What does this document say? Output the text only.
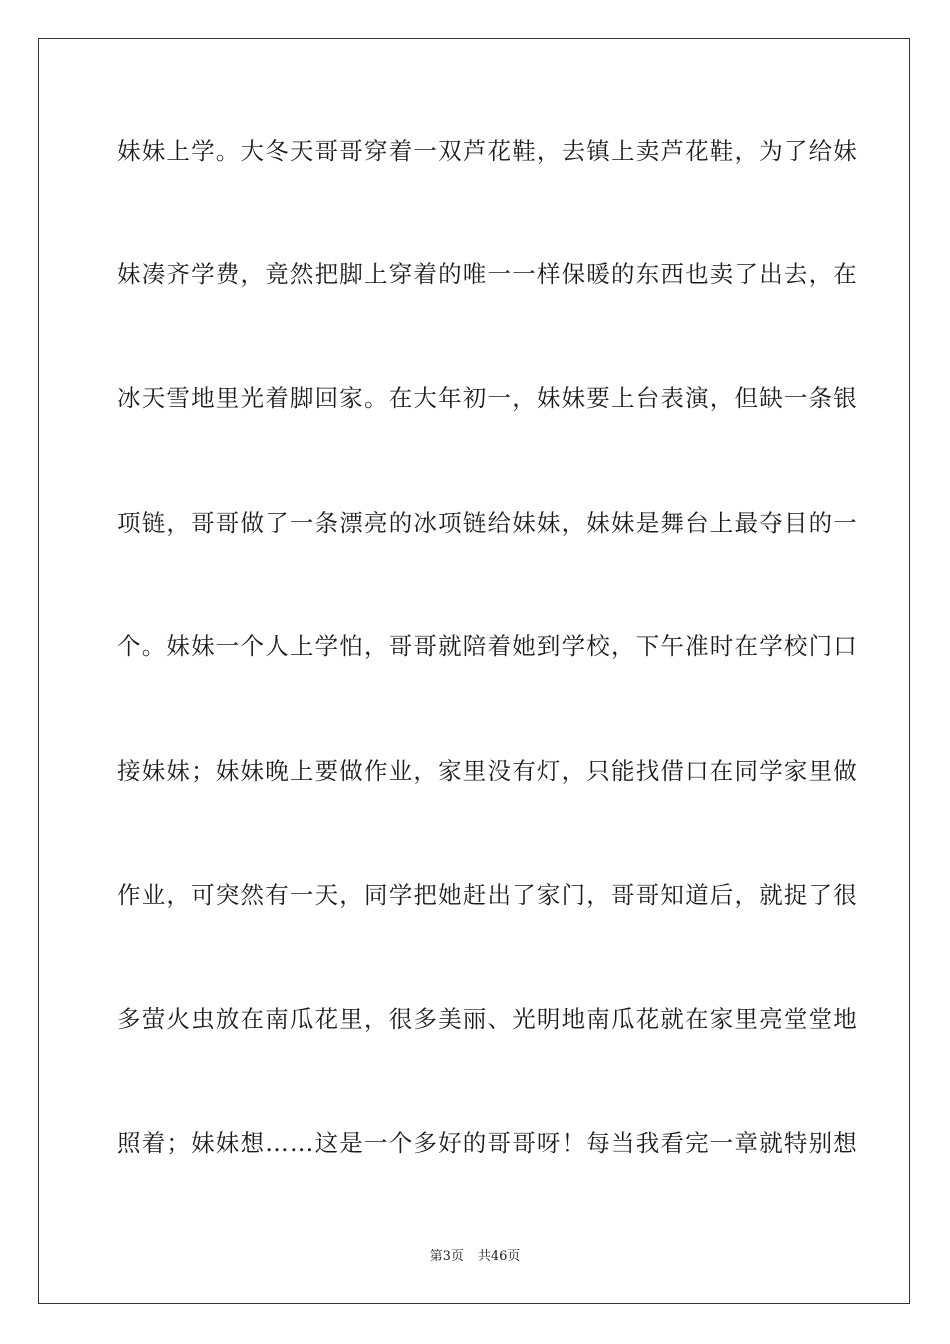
妹妹上学。大冬天哥哥穿着一双芦花鞋，去镇上卖芦花鞋，为了给妹

妹凑齐学费，竟然把脚上穿着的唯一一样保暖的东西也卖了出去，在

冰天雪地里光着脚回家。在大年初一，妹妹要上台表演，但缺一条银

项链，哥哥做了一条漂亮的冰项链给妹妹，妹妹是舞台上最夺目的一

个。妹妹一个人上学怕，哥哥就陪着她到学校，下午准时在学校门口

接妹妹；妹妹晚上要做作业，家里没有灯，只能找借口在同学家里做

作业，可突然有一天，同学把她赶出了家门，哥哥知道后，就捉了很

多萤火虫放在南瓜花里，很多美丽、光明地南瓜花就在家里亮堂堂地

照着；妹妹想……这是一个多好的哥哥呀！每当我看完一章就特别想

第3页 共46页
